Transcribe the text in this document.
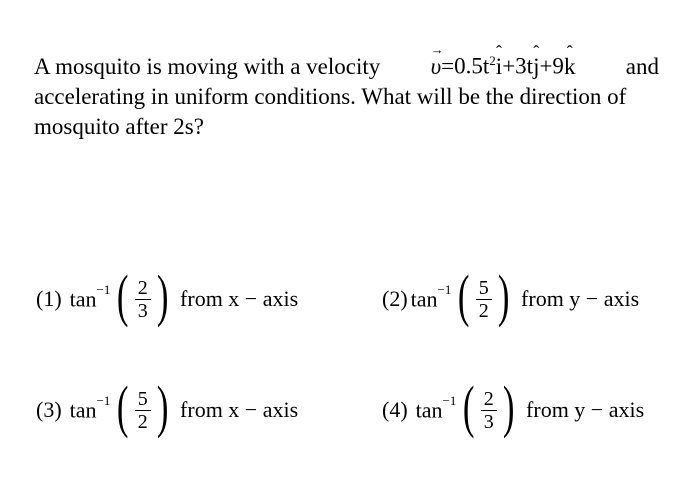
A mosquito is moving with a velocity
→ $\upsilon=0.5t^2ˆ$ i+3tˆ j+9ˆ k and
accelerating in uniform conditions. What will be the direction of
mosquito after 2s?
(1) $\tan^{-1}$ ( $\frac{2}{3}$ ) from x − axis	(2) $\tan^{-1}$ ( $\frac{5}{2}$ ) from y − axis
(3) $\tan^{-1}$ ( $\frac{5}{2}$ ) from x − axis	(4) $\tan^{-1}$ ( $\frac{2}{3}$ ) from y − axis
